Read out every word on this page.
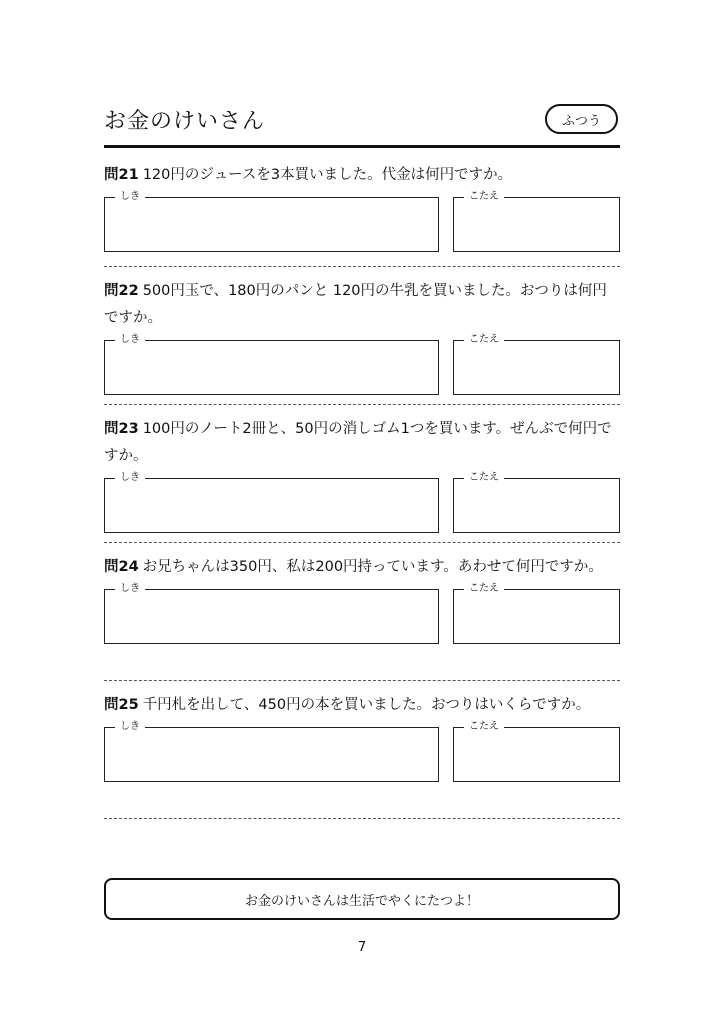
お金のけいさん	ふつう

問21 120円のジュースを3本買いました。代金は何円ですか。

しき	こたえ

問22 500円玉で、180円のパンと 120円の牛乳を買いました。おつりは何円ですか。

しき	こたえ

問23 100円のノート2冊と、50円の消しゴム1つを買います。ぜんぶで何円ですか。

しき	こたえ

問24 お兄ちゃんは350円、私は200円持っています。あわせて何円ですか。

しき	こたえ

問25 千円札を出して、450円の本を買いました。おつりはいくらですか。

しき	こたえ
お金のけいさんは生活でやくにたつよ！
7
